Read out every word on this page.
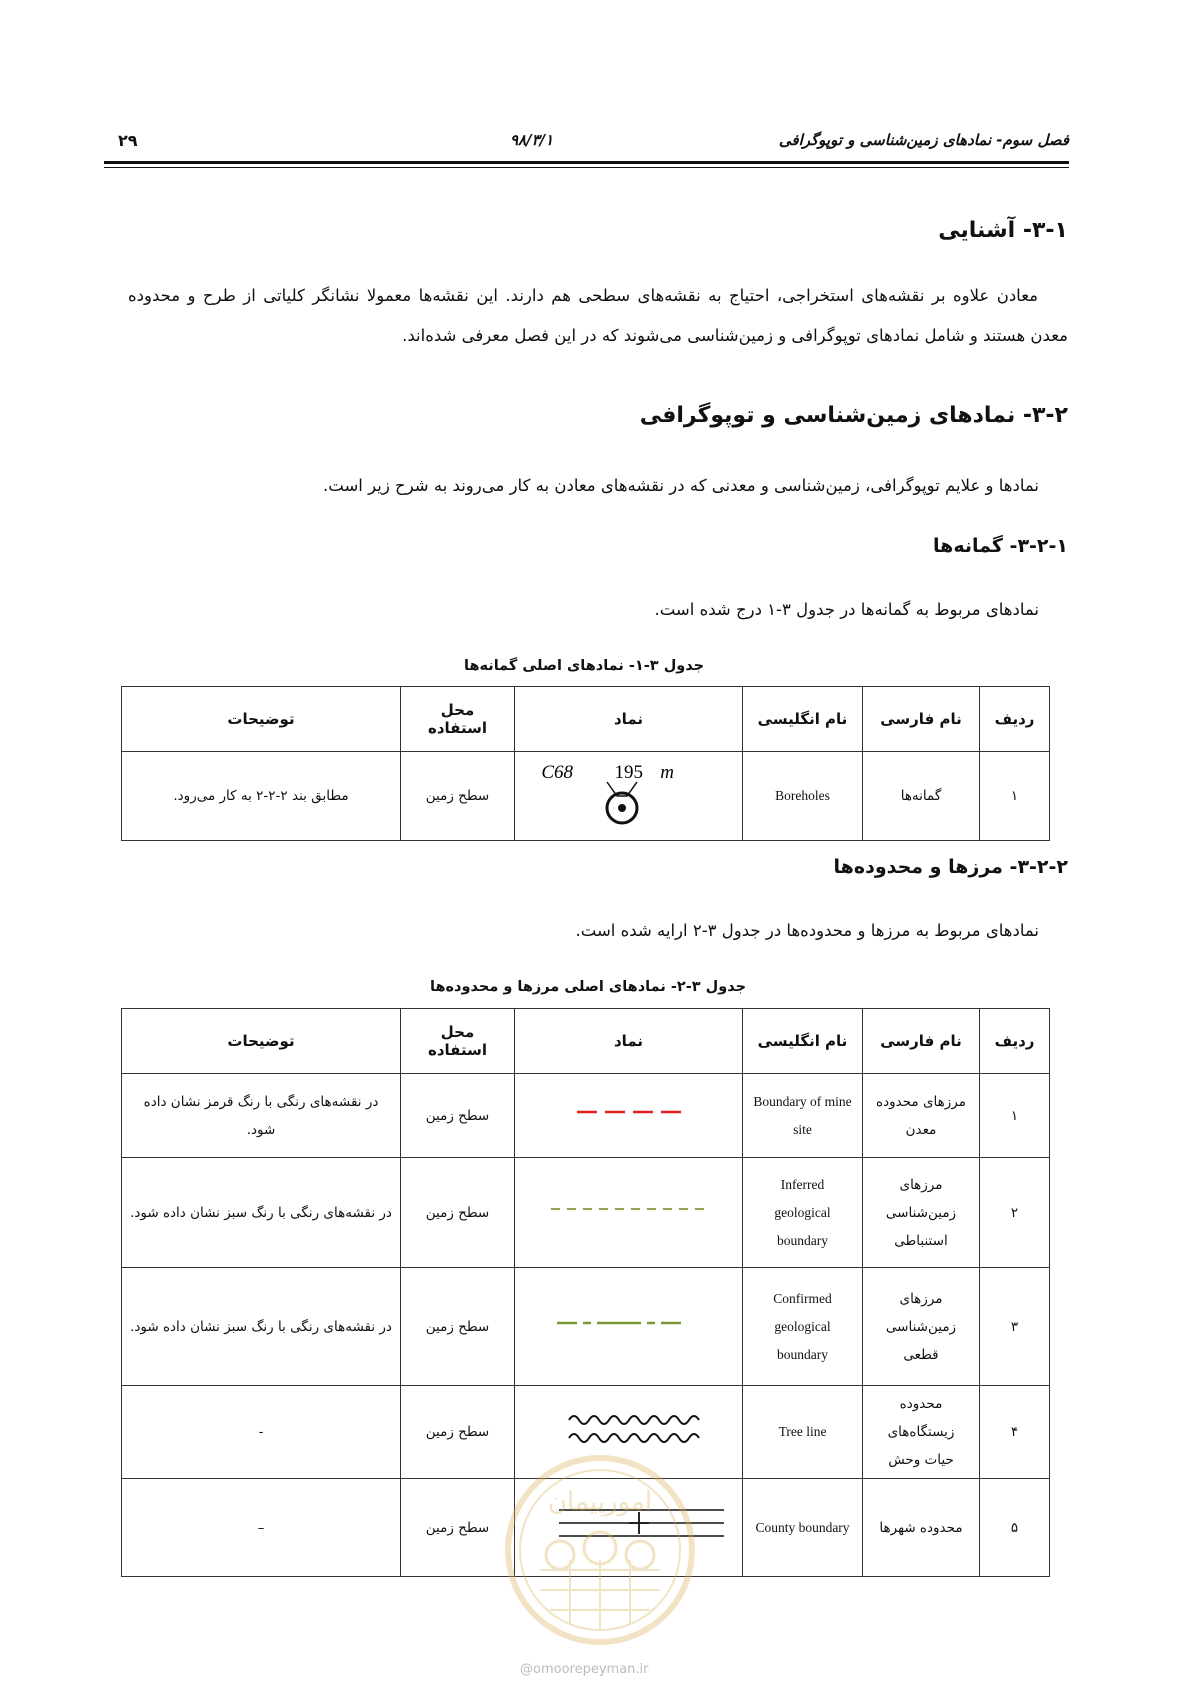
فصل سوم- نمادهای زمین‌شناسی و توپوگرافی
۹۸/۳/۱
۲۹
۳-۱- آشنایی

معادن علاوه بر نقشه‌های استخراجی، احتیاج به نقشه‌های سطحی هم دارند. این نقشه‌ها معمولا نشانگر کلیاتی از طرح و محدوده معدن هستند و شامل نمادهای توپوگرافی و زمین‌شناسی می‌شوند که در این فصل معرفی شده‌اند.

۳-۲- نمادهای زمین‌شناسی و توپوگرافی

نمادها و علایم توپوگرافی، زمین‌شناسی و معدنی که در نقشه‌های معادن به کار می‌روند به شرح زیر است.

۳-۲-۱- گمانه‌ها

نمادهای مربوط به گمانه‌ها در جدول ۳-۱ درج شده است.

جدول ۳-۱- نمادهای اصلی گمانه‌ها
ردیف	نام فارسی	نام انگلیسی	نماد	محل استفاده	توضیحات
۱	گمانه‌ها	Boreholes	C68 195 m	سطح زمین	مطابق بند ۲-۲-۲ به کار می‌رود.
۳-۲-۲- مرزها و محدوده‌ها

نمادهای مربوط به مرزها و محدوده‌ها در جدول ۳-۲ ارایه شده است.

جدول ۳-۲- نمادهای اصلی مرزها و محدوده‌ها
ردیف	نام فارسی	نام انگلیسی	نماد	محل استفاده	توضیحات
۱	مرزهای محدوده معدن	Boundary of mine site		سطح زمین	در نقشه‌های رنگی با رنگ قرمز نشان داده شود.
۲	مرزهای زمین‌شناسی استنباطی	Inferred geological boundary		سطح زمین	در نقشه‌های رنگی با رنگ سبز نشان داده شود.
۳	مرزهای زمین‌شناسی قطعی	Confirmed geological boundary		سطح زمین	در نقشه‌های رنگی با رنگ سبز نشان داده شود.
۴	محدوده زیستگاه‌های حیات وحش	Tree line		سطح زمین	-
۵	محدوده شهرها	County boundary		سطح زمین	–
امورپیمان
@omoorepeyman.ir
